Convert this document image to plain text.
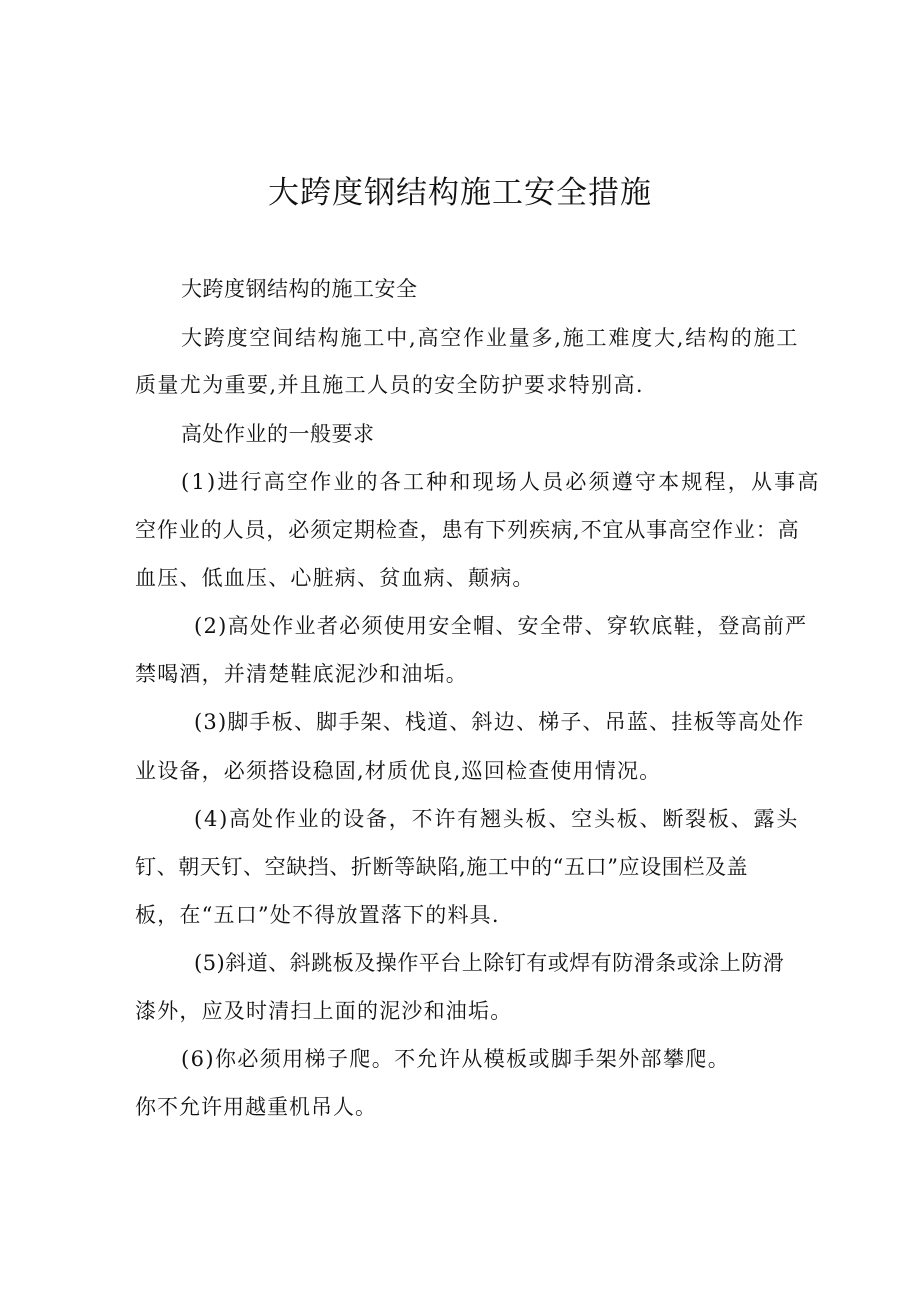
大跨度钢结构施工安全措施
大跨度钢结构的施工安全
大跨度空间结构施工中,高空作业量多,施工难度大,结构的施工
质量尤为重要,并且施工人员的安全防护要求特别高.
高处作业的一般要求
(1)进行高空作业的各工种和现场人员必须遵守本规程，从事高
空作业的人员，必须定期检查，患有下列疾病,不宜从事高空作业：高
血压、低血压、心脏病、贫血病、颠病。
(2)高处作业者必须使用安全帽、安全带、穿软底鞋，登高前严
禁喝酒，并清楚鞋底泥沙和油垢。
(3)脚手板、脚手架、栈道、斜边、梯子、吊蓝、挂板等高处作
业设备，必须搭设稳固,材质优良,巡回检查使用情况。
(4)高处作业的设备，不许有翘头板、空头板、断裂板、露头
钉、朝天钉、空缺挡、折断等缺陷,施工中的“五口”应设围栏及盖
板，在“五口”处不得放置落下的料具.
(5)斜道、斜跳板及操作平台上除钉有或焊有防滑条或涂上防滑
漆外，应及时清扫上面的泥沙和油垢。
(6)你必须用梯子爬。不允许从模板或脚手架外部攀爬。
你不允许用越重机吊人。
